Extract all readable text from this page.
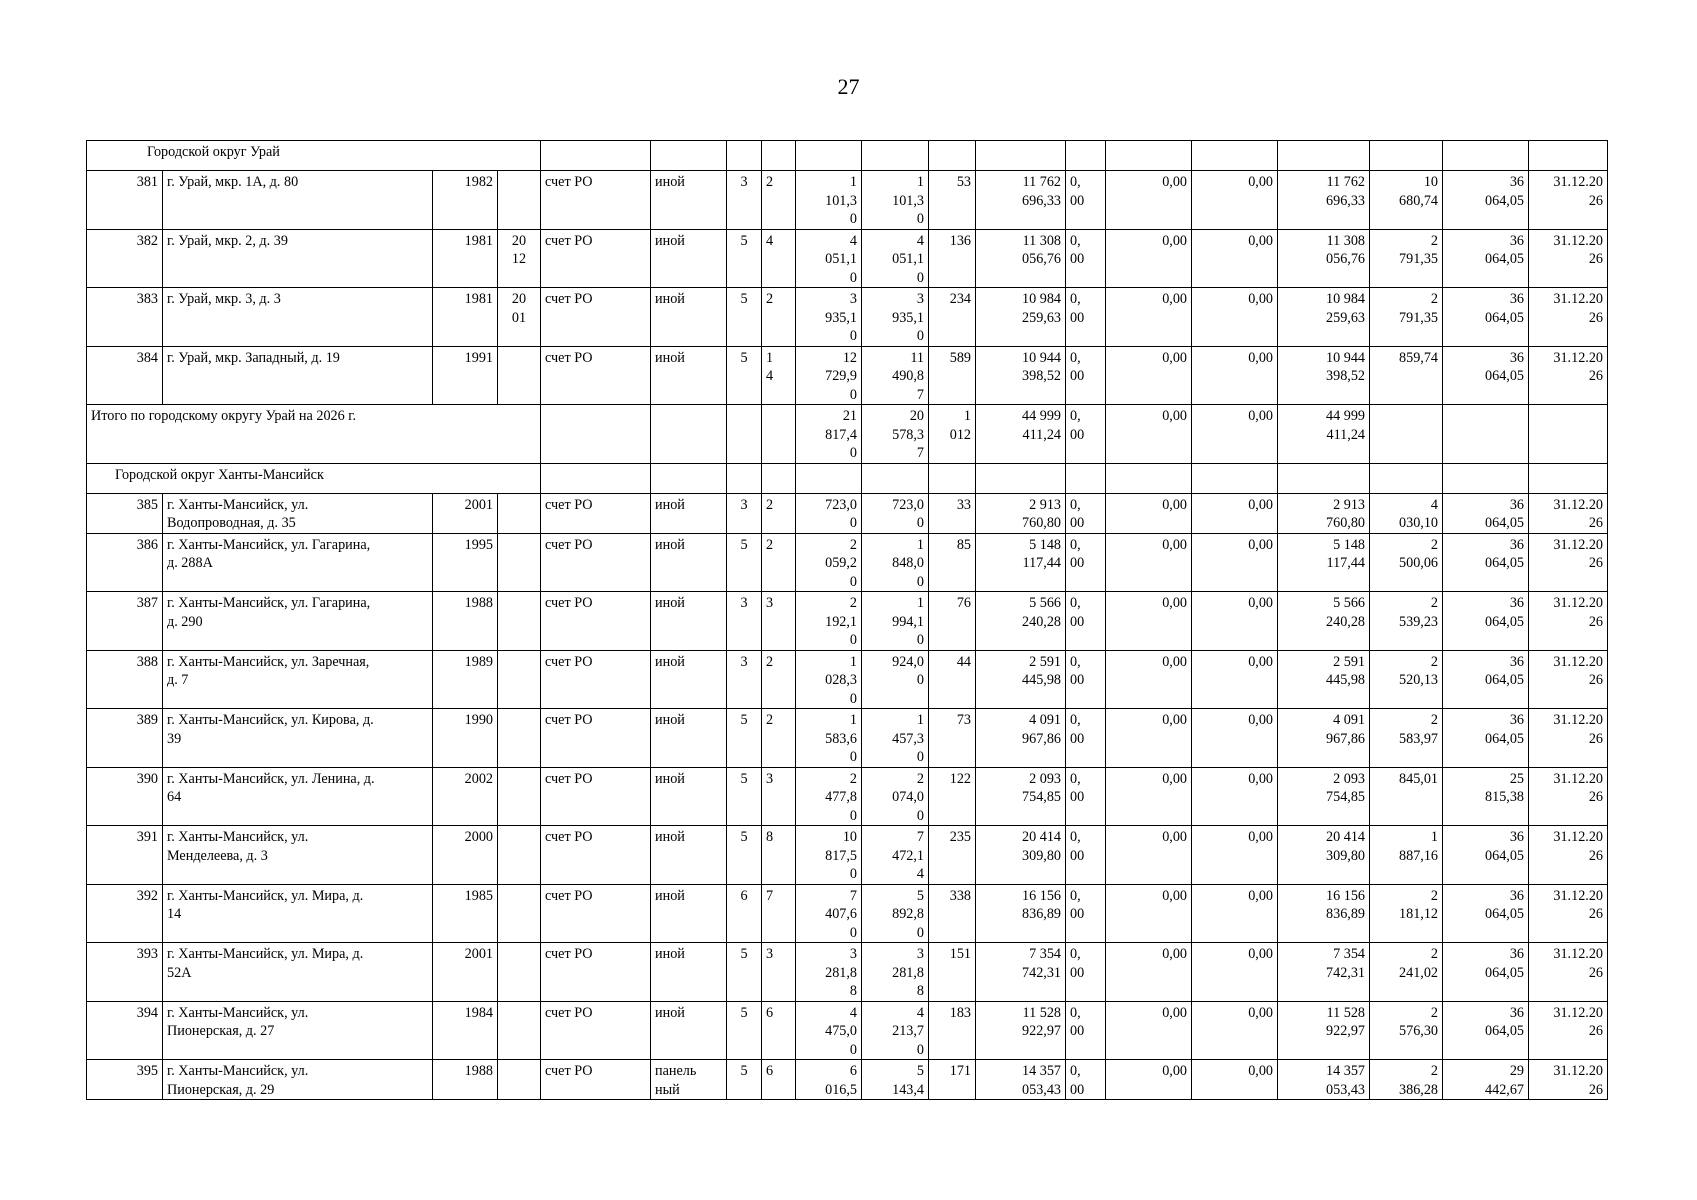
27
Городской округ Урай																		
381	г. Урай, мкр. 1А, д. 80	1982		счет РО	иной	3	2	1
101,3
0	1
101,3
0	53	11 762
696,33	0,
00	0,00	0,00	11 762
696,33	10
680,74	36
064,05	31.12.20
26
382	г. Урай, мкр. 2, д. 39	1981	20
12	счет РО	иной	5	4	4
051,1
0	4
051,1
0	136	11 308
056,76	0,
00	0,00	0,00	11 308
056,76	2
791,35	36
064,05	31.12.20
26
383	г. Урай, мкр. 3, д. 3	1981	20
01	счет РО	иной	5	2	3
935,1
0	3
935,1
0	234	10 984
259,63	0,
00	0,00	0,00	10 984
259,63	2
791,35	36
064,05	31.12.20
26
384	г. Урай, мкр. Западный, д. 19	1991		счет РО	иной	5	1
4	12
729,9
0	11
490,8
7	589	10 944
398,52	0,
00	0,00	0,00	10 944
398,52	859,74	36
064,05	31.12.20
26
Итого по городскому округу Урай на 2026 г.								21
817,4
0	20
578,3
7	1
012	44 999
411,24	0,
00	0,00	0,00	44 999
411,24			
Городской округ Ханты-Мансийск																		
385	г. Ханты-Мансийск, ул.
Водопроводная, д. 35	2001		счет РО	иной	3	2	723,0
0	723,0
0	33	2 913
760,80	0,
00	0,00	0,00	2 913
760,80	4
030,10	36
064,05	31.12.20
26
386	г. Ханты-Мансийск, ул. Гагарина,
д. 288А	1995		счет РО	иной	5	2	2
059,2
0	1
848,0
0	85	5 148
117,44	0,
00	0,00	0,00	5 148
117,44	2
500,06	36
064,05	31.12.20
26
387	г. Ханты-Мансийск, ул. Гагарина,
д. 290	1988		счет РО	иной	3	3	2
192,1
0	1
994,1
0	76	5 566
240,28	0,
00	0,00	0,00	5 566
240,28	2
539,23	36
064,05	31.12.20
26
388	г. Ханты-Мансийск, ул. Заречная,
д. 7	1989		счет РО	иной	3	2	1
028,3
0	924,0
0	44	2 591
445,98	0,
00	0,00	0,00	2 591
445,98	2
520,13	36
064,05	31.12.20
26
389	г. Ханты-Мансийск, ул. Кирова, д.
39	1990		счет РО	иной	5	2	1
583,6
0	1
457,3
0	73	4 091
967,86	0,
00	0,00	0,00	4 091
967,86	2
583,97	36
064,05	31.12.20
26
390	г. Ханты-Мансийск, ул. Ленина, д.
64	2002		счет РО	иной	5	3	2
477,8
0	2
074,0
0	122	2 093
754,85	0,
00	0,00	0,00	2 093
754,85	845,01	25
815,38	31.12.20
26
391	г. Ханты-Мансийск, ул.
Менделеева, д. 3	2000		счет РО	иной	5	8	10
817,5
0	7
472,1
4	235	20 414
309,80	0,
00	0,00	0,00	20 414
309,80	1
887,16	36
064,05	31.12.20
26
392	г. Ханты-Мансийск, ул. Мира, д.
14	1985		счет РО	иной	6	7	7
407,6
0	5
892,8
0	338	16 156
836,89	0,
00	0,00	0,00	16 156
836,89	2
181,12	36
064,05	31.12.20
26
393	г. Ханты-Мансийск, ул. Мира, д.
52А	2001		счет РО	иной	5	3	3
281,8
8	3
281,8
8	151	7 354
742,31	0,
00	0,00	0,00	7 354
742,31	2
241,02	36
064,05	31.12.20
26
394	г. Ханты-Мансийск, ул.
Пионерская, д. 27	1984		счет РО	иной	5	6	4
475,0
0	4
213,7
0	183	11 528
922,97	0,
00	0,00	0,00	11 528
922,97	2
576,30	36
064,05	31.12.20
26
395	г. Ханты-Мансийск, ул.
Пионерская, д. 29	1988		счет РО	панель
ный	5	6	6
016,5	5
143,4	171	14 357
053,43	0,
00	0,00	0,00	14 357
053,43	2
386,28	29
442,67	31.12.20
26
